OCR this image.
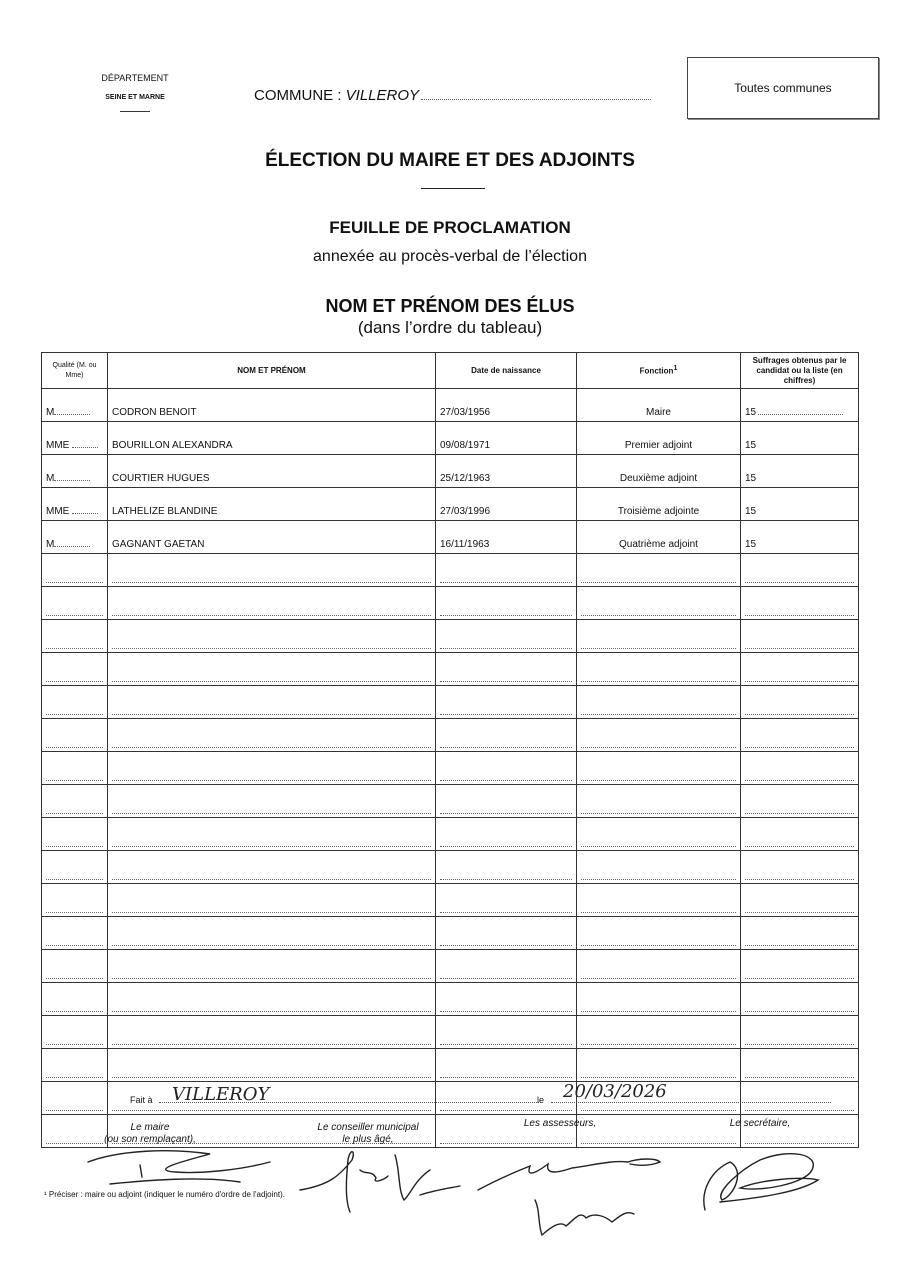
DÉPARTEMENT
SEINE ET MARNE	COMMUNE : VILLEROY	Toutes communes
ÉLECTION DU MAIRE ET DES ADJOINTS
FEUILLE DE PROCLAMATION
annexée au procès-verbal de l’élection
NOM ET PRÉNOM DES ÉLUS
(dans l’ordre du tableau)
Qualité (M. ou Mme)	NOM ET PRÉNOM	Date de naissance	Fonction$^1$	Suffrages obtenus par le candidat ou la liste (en chiffres)
M	CODRON BENOIT	27/03/1956	Maire	15
MME	BOURILLON ALEXANDRA	09/08/1971	Premier adjoint	15
M	COURTIER HUGUES	25/12/1963	Deuxième adjoint	15
MME	LATHELIZE BLANDINE	27/03/1996	Troisième adjointe	15
M	GAGNANT GAETAN	16/11/1963	Quatrième adjoint	15

Fait à	VILLEROY	le	20/03/2026
Le maire
(ou son remplaçant),
Le conseiller municipal
le plus âgé,
Les assesseurs,	Le secrétaire,
¹ Préciser : maire ou adjoint (indiquer le numéro d'ordre de l'adjoint).
